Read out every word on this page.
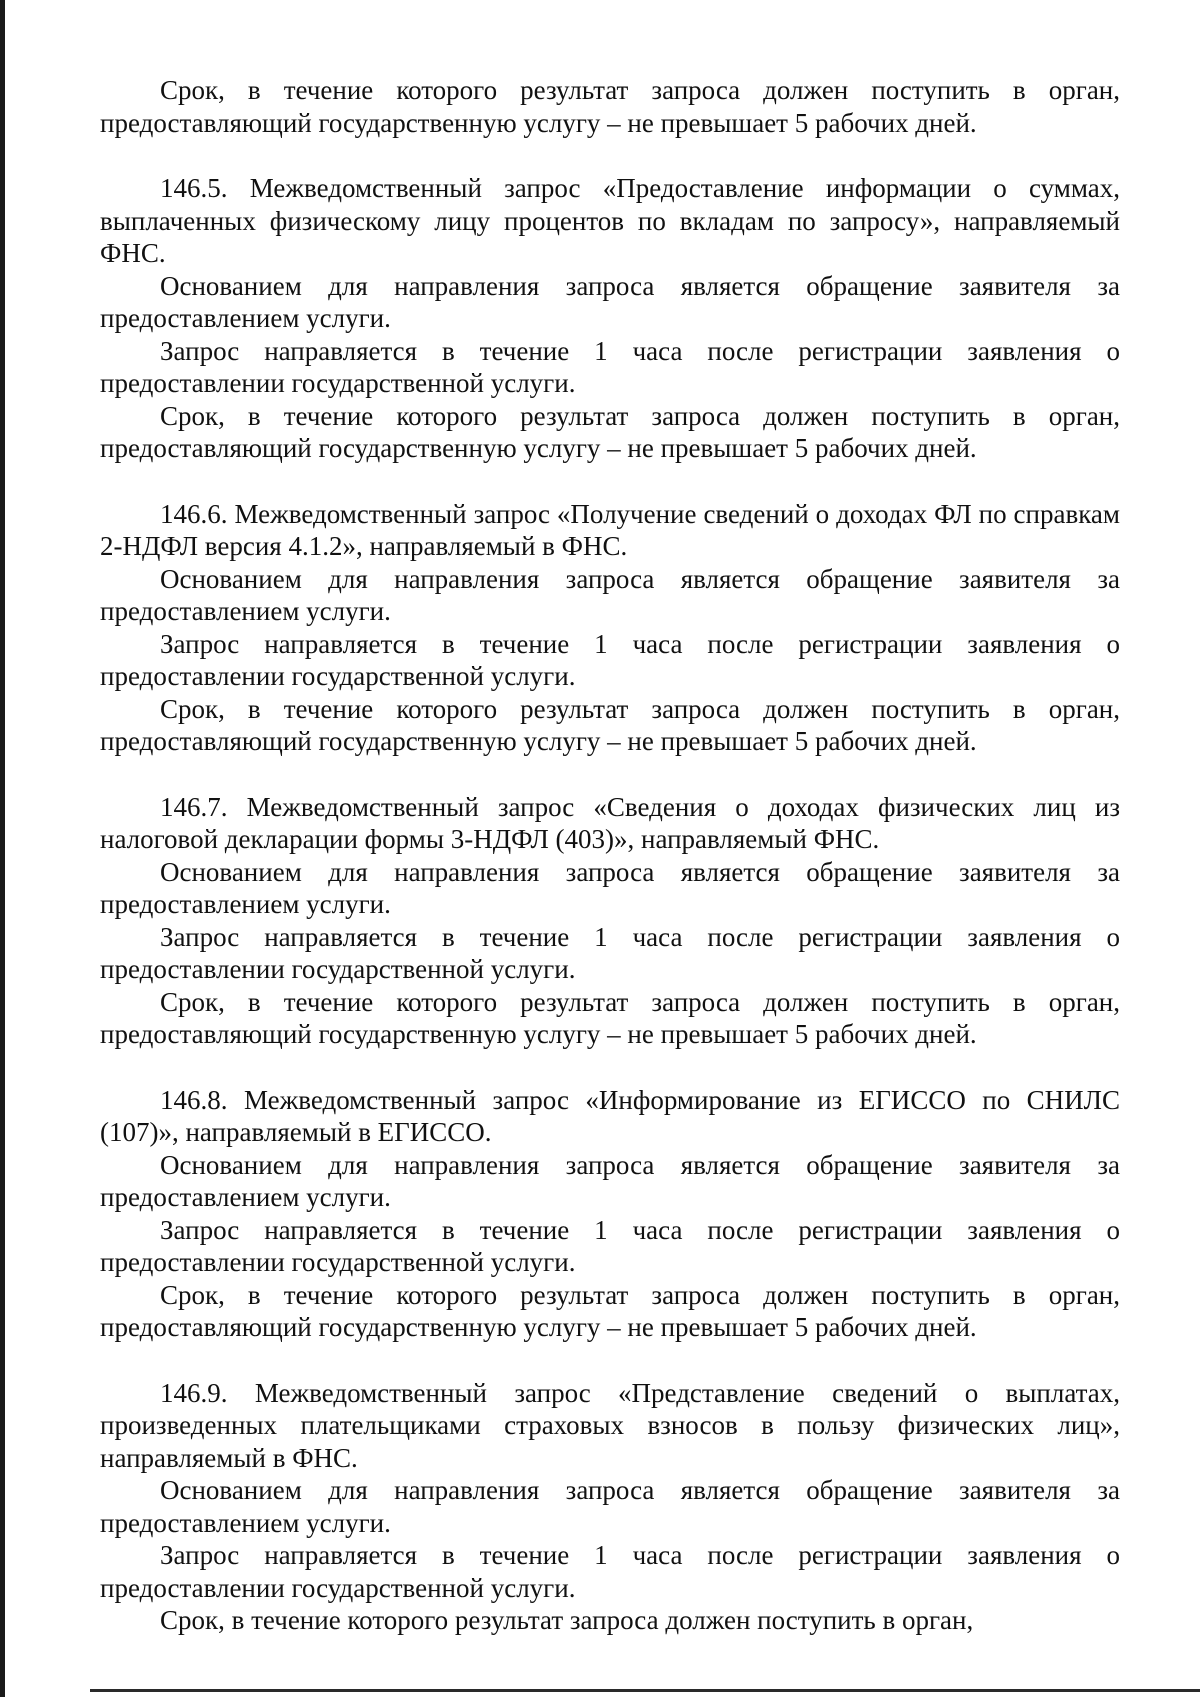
Срок, в течение которого результат запроса должен поступить в орган, предоставляющий государственную услугу – не превышает 5 рабочих дней.

146.5. Межведомственный запрос «Предоставление информации о суммах, выплаченных физическому лицу процентов по вкладам по запросу», направляемый ФНС.

Основанием для направления запроса является обращение заявителя за предоставлением услуги.

Запрос направляется в течение 1 часа после регистрации заявления о предоставлении государственной услуги.

Срок, в течение которого результат запроса должен поступить в орган, предоставляющий государственную услугу – не превышает 5 рабочих дней.

146.6. Межведомственный запрос «Получение сведений о доходах ФЛ по справкам 2-НДФЛ версия 4.1.2», направляемый в ФНС.

Основанием для направления запроса является обращение заявителя за предоставлением услуги.

Запрос направляется в течение 1 часа после регистрации заявления о предоставлении государственной услуги.

Срок, в течение которого результат запроса должен поступить в орган, предоставляющий государственную услугу – не превышает 5 рабочих дней.

146.7. Межведомственный запрос «Сведения о доходах физических лиц из налоговой декларации формы 3-НДФЛ (403)», направляемый ФНС.

Основанием для направления запроса является обращение заявителя за предоставлением услуги.

Запрос направляется в течение 1 часа после регистрации заявления о предоставлении государственной услуги.

Срок, в течение которого результат запроса должен поступить в орган, предоставляющий государственную услугу – не превышает 5 рабочих дней.

146.8. Межведомственный запрос «Информирование из ЕГИССО по СНИЛС (107)», направляемый в ЕГИССО.

Основанием для направления запроса является обращение заявителя за предоставлением услуги.

Запрос направляется в течение 1 часа после регистрации заявления о предоставлении государственной услуги.

Срок, в течение которого результат запроса должен поступить в орган, предоставляющий государственную услугу – не превышает 5 рабочих дней.

146.9. Межведомственный запрос «Представление сведений о выплатах, произведенных плательщиками страховых взносов в пользу физических лиц», направляемый в ФНС.

Основанием для направления запроса является обращение заявителя за предоставлением услуги.

Запрос направляется в течение 1 часа после регистрации заявления о предоставлении государственной услуги.

Срок, в течение которого результат запроса должен поступить в орган,
